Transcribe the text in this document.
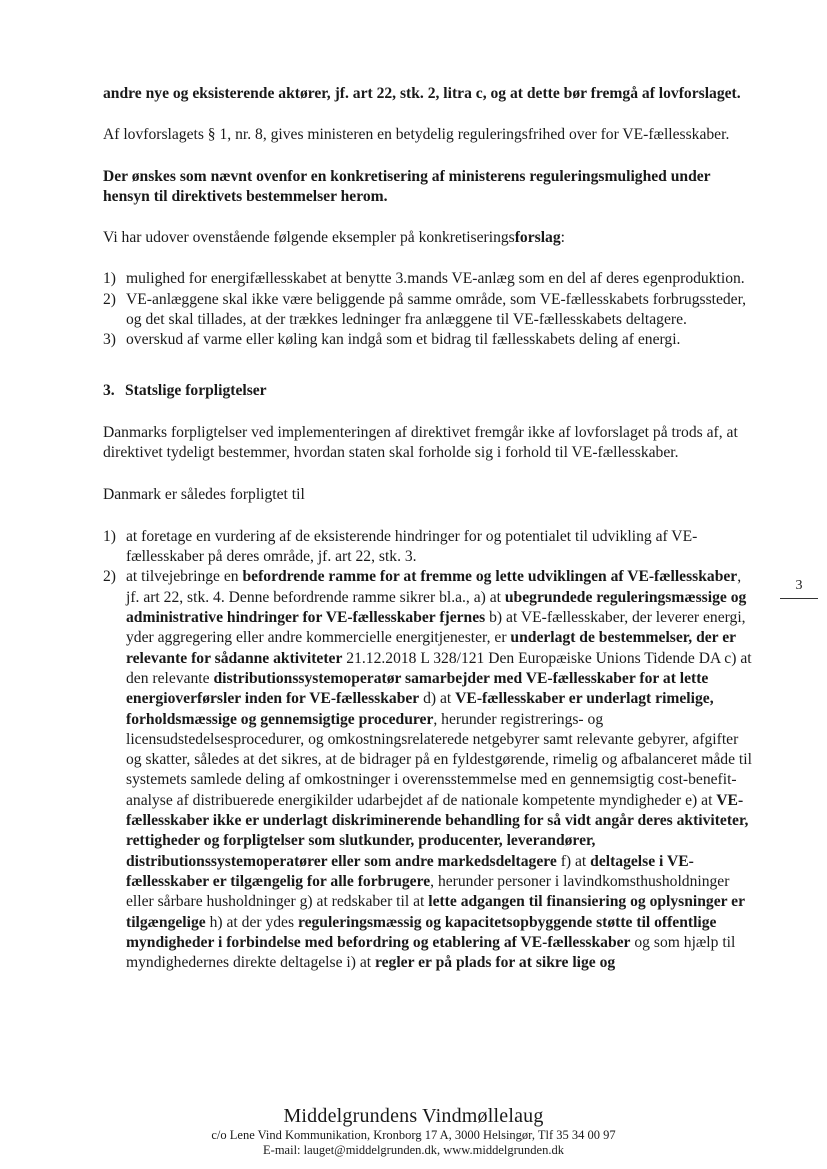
andre nye og eksisterende aktører, jf. art 22, stk. 2, litra c, og at dette bør fremgå af lovforslaget.

Af lovforslagets § 1, nr. 8, gives ministeren en betydelig reguleringsfrihed over for VE-fællesskaber.

Der ønskes som nævnt ovenfor en konkretisering af ministerens reguleringsmulighed under hensyn til direktivets bestemmelser herom.

Vi har udover ovenstående følgende eksempler på konkretiseringsforslag:

1) mulighed for energifællesskabet at benytte 3.mands VE-anlæg som en del af deres egenproduktion.
2) VE-anlæggene skal ikke være beliggende på samme område, som VE-fællesskabets forbrugssteder, og det skal tillades, at der trækkes ledninger fra anlæggene til VE-fællesskabets deltagere.
3) overskud af varme eller køling kan indgå som et bidrag til fællesskabets deling af energi.

3. Statslige forpligtelser

Danmarks forpligtelser ved implementeringen af direktivet fremgår ikke af lovforslaget på trods af, at direktivet tydeligt bestemmer, hvordan staten skal forholde sig i forhold til VE-fællesskaber.

Danmark er således forpligtet til

1) at foretage en vurdering af de eksisterende hindringer for og potentialet til udvikling af VE- fællesskaber på deres område, jf. art 22, stk. 3.
2) at tilvejebringe en befordrende ramme for at fremme og lette udviklingen af VE-fællesskaber, jf. art 22, stk. 4. Denne befordrende ramme sikrer bl.a., a) at ubegrundede reguleringsmæssige og administrative hindringer for VE-fællesskaber fjernes b) at VE-fællesskaber, der leverer energi, yder aggregering eller andre kommercielle energitjenester, er underlagt de bestemmelser, der er relevante for sådanne aktiviteter 21.12.2018 L 328/121 Den Europæiske Unions Tidende DA c) at den relevante distributionssystemoperatør samarbejder med VE-fællesskaber for at lette energioverførsler inden for VE-fællesskaber d) at VE-fællesskaber er underlagt rimelige, forholdsmæssige og gennemsigtige procedurer, herunder registrerings- og licensudstedelsesprocedurer, og omkostningsrelaterede netgebyrer samt relevante gebyrer, afgifter og skatter, således at det sikres, at de bidrager på en fyldestgørende, rimelig og afbalanceret måde til systemets samlede deling af omkostninger i overensstemmelse med en gennemsigtig cost-benefit-analyse af distribuerede energikilder udarbejdet af de nationale kompetente myndigheder e) at VE-fællesskaber ikke er underlagt diskriminerende behandling for så vidt angår deres aktiviteter, rettigheder og forpligtelser som slutkunder, producenter, leverandører, distributionssystemoperatører eller som andre markedsdeltagere f) at deltagelse i VE-fællesskaber er tilgængelig for alle forbrugere, herunder personer i lavindkomsthusholdninger eller sårbare husholdninger g) at redskaber til at lette adgangen til finansiering og oplysninger er tilgængelige h) at der ydes reguleringsmæssig og kapacitetsopbyggende støtte til offentlige myndigheder i forbindelse med befordring og etablering af VE-fællesskaber og som hjælp til myndighedernes direkte deltagelse i) at regler er på plads for at sikre lige og
3
Middelgrundens Vindmøllelaug
c/o Lene Vind Kommunikation, Kronborg 17 A, 3000 Helsingør, Tlf 35 34 00 97
E-mail: lauget@middelgrunden.dk, www.middelgrunden.dk
